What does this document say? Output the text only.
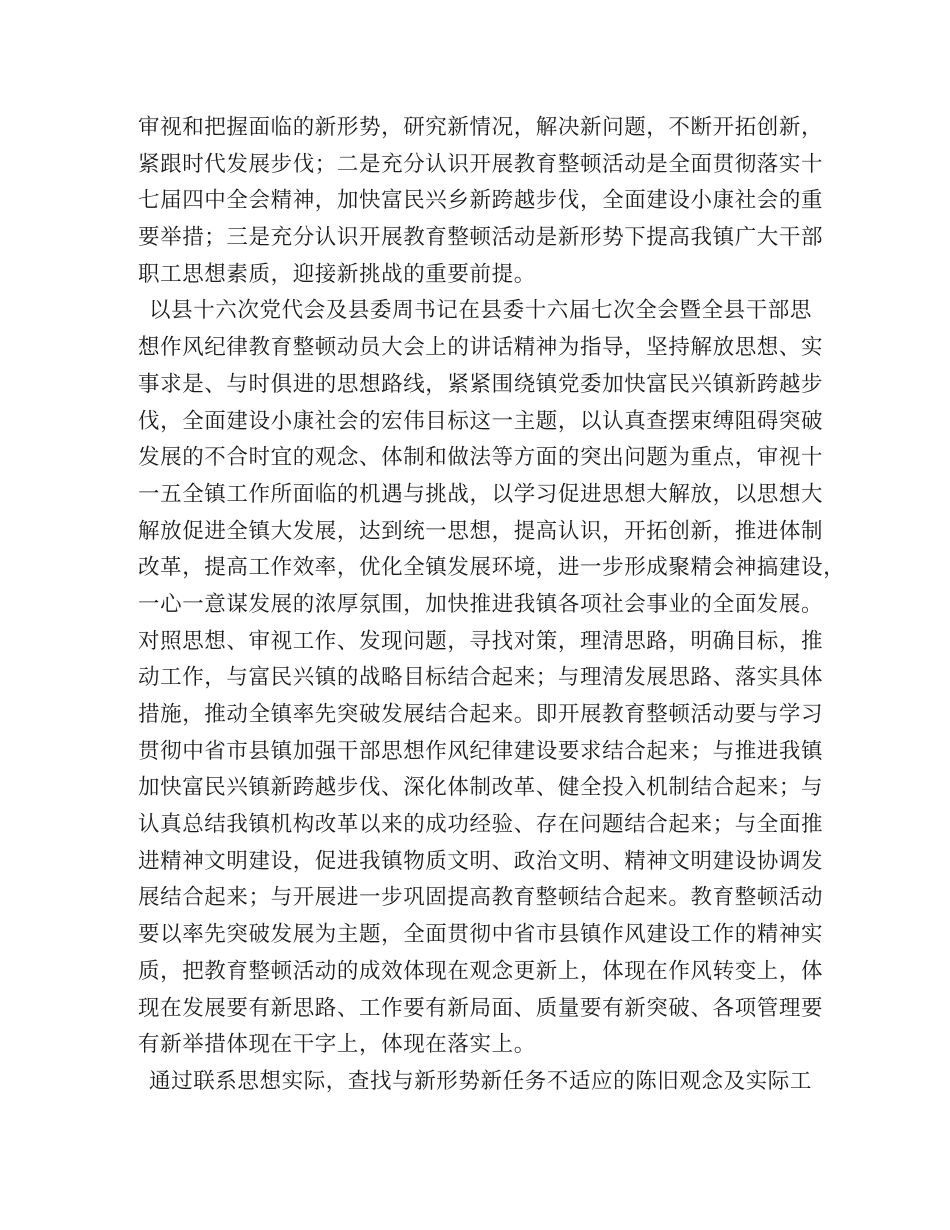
审视和把握面临的新形势，研究新情况，解决新问题，不断开拓创新，
紧跟时代发展步伐；二是充分认识开展教育整顿活动是全面贯彻落实十
七届四中全会精神，加快富民兴乡新跨越步伐，全面建设小康社会的重
要举措；三是充分认识开展教育整顿活动是新形势下提高我镇广大干部
职工思想素质，迎接新挑战的重要前提。
以县十六次党代会及县委周书记在县委十六届七次全会暨全县干部思
想作风纪律教育整顿动员大会上的讲话精神为指导，坚持解放思想、实
事求是、与时俱进的思想路线，紧紧围绕镇党委加快富民兴镇新跨越步
伐，全面建设小康社会的宏伟目标这一主题，以认真查摆束缚阻碍突破
发展的不合时宜的观念、体制和做法等方面的突出问题为重点，审视十
一五全镇工作所面临的机遇与挑战，以学习促进思想大解放，以思想大
解放促进全镇大发展，达到统一思想，提高认识，开拓创新，推进体制
改革，提高工作效率，优化全镇发展环境，进一步形成聚精会神搞建设，
一心一意谋发展的浓厚氛围，加快推进我镇各项社会事业的全面发展。
对照思想、审视工作、发现问题，寻找对策，理清思路，明确目标，推
动工作，与富民兴镇的战略目标结合起来；与理清发展思路、落实具体
措施，推动全镇率先突破发展结合起来。即开展教育整顿活动要与学习
贯彻中省市县镇加强干部思想作风纪律建设要求结合起来；与推进我镇
加快富民兴镇新跨越步伐、深化体制改革、健全投入机制结合起来；与
认真总结我镇机构改革以来的成功经验、存在问题结合起来；与全面推
进精神文明建设，促进我镇物质文明、政治文明、精神文明建设协调发
展结合起来；与开展进一步巩固提高教育整顿结合起来。教育整顿活动
要以率先突破发展为主题，全面贯彻中省市县镇作风建设工作的精神实
质，把教育整顿活动的成效体现在观念更新上，体现在作风转变上，体
现在发展要有新思路、工作要有新局面、质量要有新突破、各项管理要
有新举措体现在干字上，体现在落实上。
通过联系思想实际，查找与新形势新任务不适应的陈旧观念及实际工
